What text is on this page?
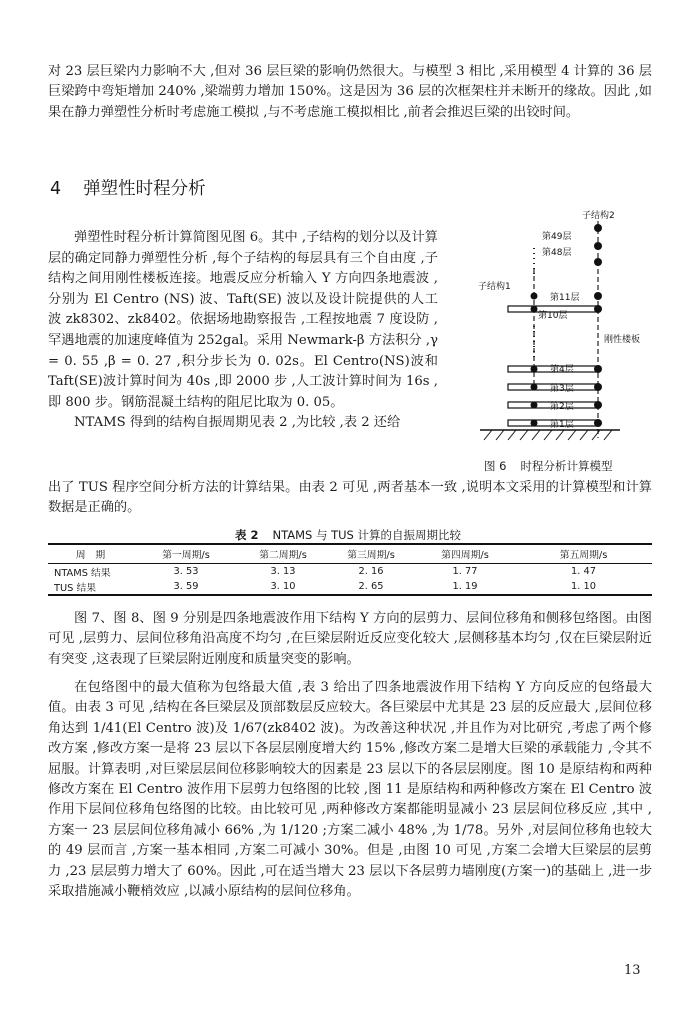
对 23 层巨梁内力影响不大 ,但对 36 层巨梁的影响仍然很大。与模型 3 相比 ,采用模型 4 计算的 36 层巨梁跨中弯矩增加 240% ,梁端剪力增加 150%。这是因为 36 层的次框架柱并未断开的缘故。因此 ,如果在静力弹塑性分析时考虑施工模拟 ,与不考虑施工模拟相比 ,前者会推迟巨梁的出铰时间。

4 弹塑性时程分析

弹塑性时程分析计算简图见图 6。其中 ,子结构的划分以及计算层的确定同静力弹塑性分析 ,每个子结构的每层具有三个自由度 ,子结构之间用刚性楼板连接。地震反应分析输入 Y 方向四条地震波 ,分别为 El Centro (NS) 波、Taft(SE) 波以及设计院提供的人工波 zk8302、zk8402。依据场地勘察报告 ,工程按地震 7 度设防 ,罕遇地震的加速度峰值为 252gal。采用 Newmark-β 方法积分 ,γ = 0. 55 ,β = 0. 27 ,积分步长为 0. 02s。El Centro(NS)波和 Taft(SE)波计算时间为 40s ,即 2000 步 ,人工波计算时间为 16s ,即 800 步。钢筋混凝土结构的阻尼比取为 0. 05。

NTAMS 得到的结构自振周期见表 2 ,为比较 ,表 2 还给

子结构2
第49层
第48层
子结构1
第11层
第10层
刚性楼板
第4层
第3层
第2层
第1层
图 6 时程分析计算模型

出了 TUS 程序空间分析方法的计算结果。由表 2 可见 ,两者基本一致 ,说明本文采用的计算模型和计算数据是正确的。

表 2 NTAMS 与 TUS 计算的自振周期比较
周　期	第一周期/s	第二周期/s	第三周期/s	第四周期/s	第五周期/s
NTAMS 结果	3. 53	3. 13	2. 16	1. 77	1. 47
TUS 结果	3. 59	3. 10	2. 65	1. 19	1. 10

图 7、图 8、图 9 分别是四条地震波作用下结构 Y 方向的层剪力、层间位移角和侧移包络图。由图可见 ,层剪力、层间位移角沿高度不均匀 ,在巨梁层附近反应变化较大 ,层侧移基本均匀 ,仅在巨梁层附近有突变 ,这表现了巨梁层附近刚度和质量突变的影响。

在包络图中的最大值称为包络最大值 ,表 3 给出了四条地震波作用下结构 Y 方向反应的包络最大值。由表 3 可见 ,结构在各巨梁层及顶部数层反应较大。各巨梁层中尤其是 23 层的反应最大 ,层间位移角达到 1/41(El Centro 波)及 1/67(zk8402 波)。为改善这种状况 ,并且作为对比研究 ,考虑了两个修改方案 ,修改方案一是将 23 层以下各层层刚度增大约 15% ,修改方案二是增大巨梁的承载能力 ,令其不屈服。计算表明 ,对巨梁层层间位移影响较大的因素是 23 层以下的各层层刚度。图 10 是原结构和两种修改方案在 El Centro 波作用下层剪力包络图的比较 ,图 11 是原结构和两种修改方案在 El Centro 波作用下层间位移角包络图的比较。由比较可见 ,两种修改方案都能明显减小 23 层层间位移反应 ,其中 ,方案一 23 层层间位移角减小 66% ,为 1/120 ;方案二减小 48% ,为 1/78。另外 ,对层间位移角也较大的 49 层而言 ,方案一基本相同 ,方案二可减小 30%。但是 ,由图 10 可见 ,方案二会增大巨梁层的层剪力 ,23 层层剪力增大了 60%。因此 ,可在适当增大 23 层以下各层剪力墙刚度(方案一)的基础上 ,进一步采取措施减小鞭梢效应 ,以减小原结构的层间位移角。

13
